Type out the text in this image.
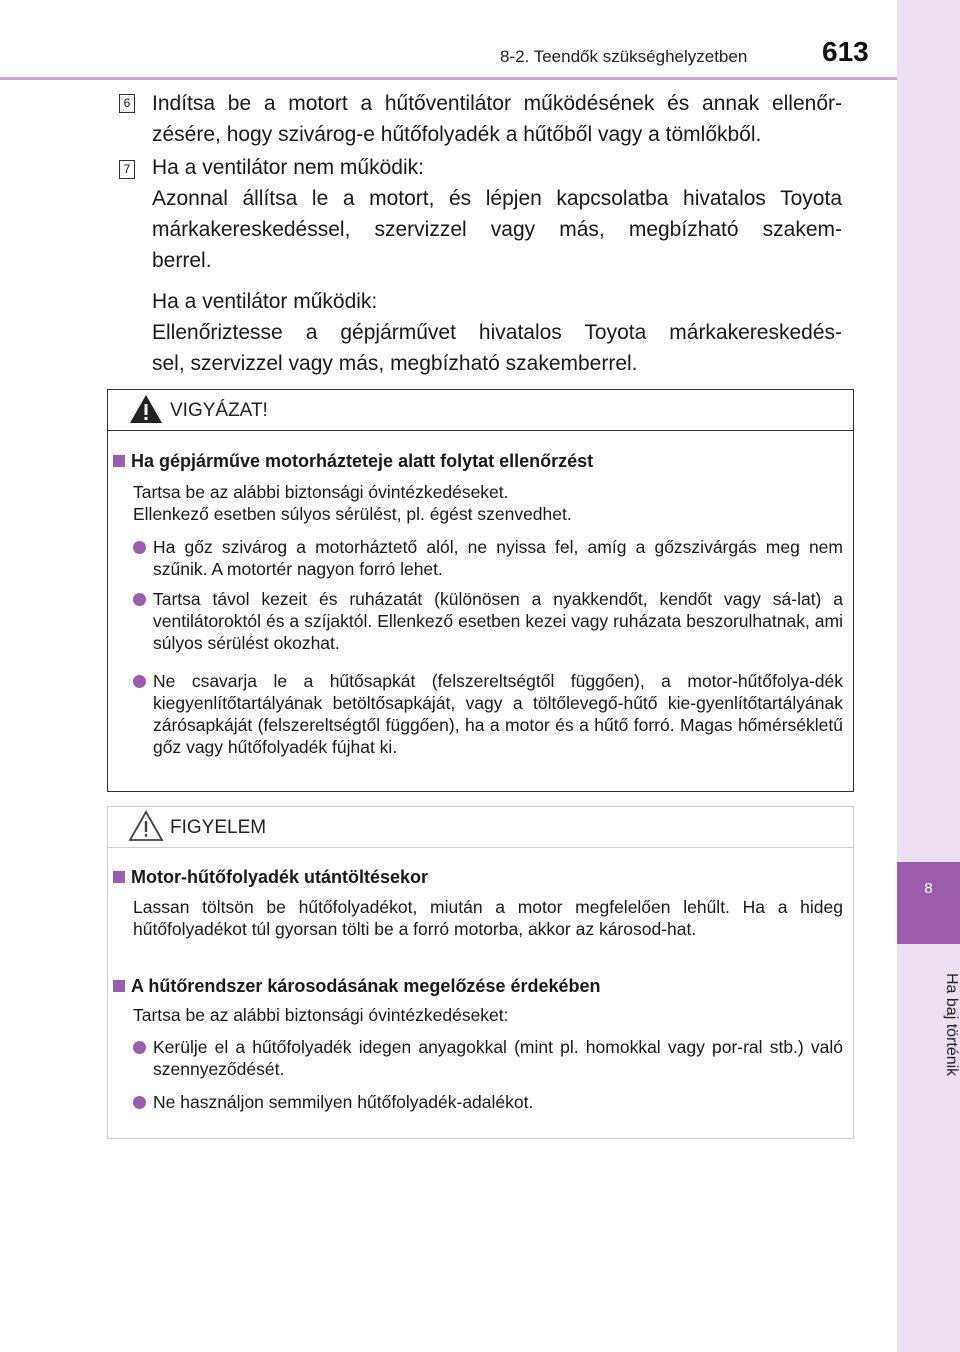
8
Ha baj történik
8-2. Teendők szükséghelyzetben	613
6 Indítsa be a motort a hűtőventilátor működésének és annak ellenőr-

zésére, hogy szivárog-e hűtőfolyadék a hűtőből vagy a tömlőkből.

7 Ha a ventilátor nem működik:

Azonnal állítsa le a motort, és lépjen kapcsolatba hivatalos Toyota

márkakereskedéssel, szervizzel vagy más, megbízható szakem-

berrel.

Ha a ventilátor működik:

Ellenőriztesse a gépjárművet hivatalos Toyota márkakereskedés-

sel, szervizzel vagy más, megbízható szakemberrel.

VIGYÁZAT!
Ha gépjárműve motorházteteje alatt folytat ellenőrzést

Tartsa be az alábbi biztonsági óvintézkedéseket.

Ellenkező esetben súlyos sérülést, pl. égést szenvedhet.

Ha gőz szivárog a motorháztető alól, ne nyissa fel, amíg a gőzszivárgás meg nem szűnik. A motortér nagyon forró lehet.
Tartsa távol kezeit és ruházatát (különösen a nyakkendőt, kendőt vagy sá-lat) a ventilátoroktól és a szíjaktól. Ellenkező esetben kezei vagy ruházata beszorulhatnak, ami súlyos sérülést okozhat.
Ne csavarja le a hűtősapkát (felszereltségtől függően), a motor-hűtőfolya-dék kiegyenlítőtartályának betöltősapkáját, vagy a töltőlevegő-hűtő kie-gyenlítőtartályának zárósapkáját (felszereltségtől függően), ha a motor és a hűtő forró. Magas hőmérsékletű gőz vagy hűtőfolyadék fújhat ki.
FIGYELEM
Motor-hűtőfolyadék utántöltésekor
Lassan töltsön be hűtőfolyadékot, miután a motor megfelelően lehűlt. Ha a hideg hűtőfolyadékot túl gyorsan tölti be a forró motorba, akkor az károsod-hat.
A hűtőrendszer károsodásának megelőzése érdekében
Tartsa be az alábbi biztonsági óvintézkedéseket:
Kerülje el a hűtőfolyadék idegen anyagokkal (mint pl. homokkal vagy por-ral stb.) való szennyeződését.
Ne használjon semmilyen hűtőfolyadék-adalékot.
